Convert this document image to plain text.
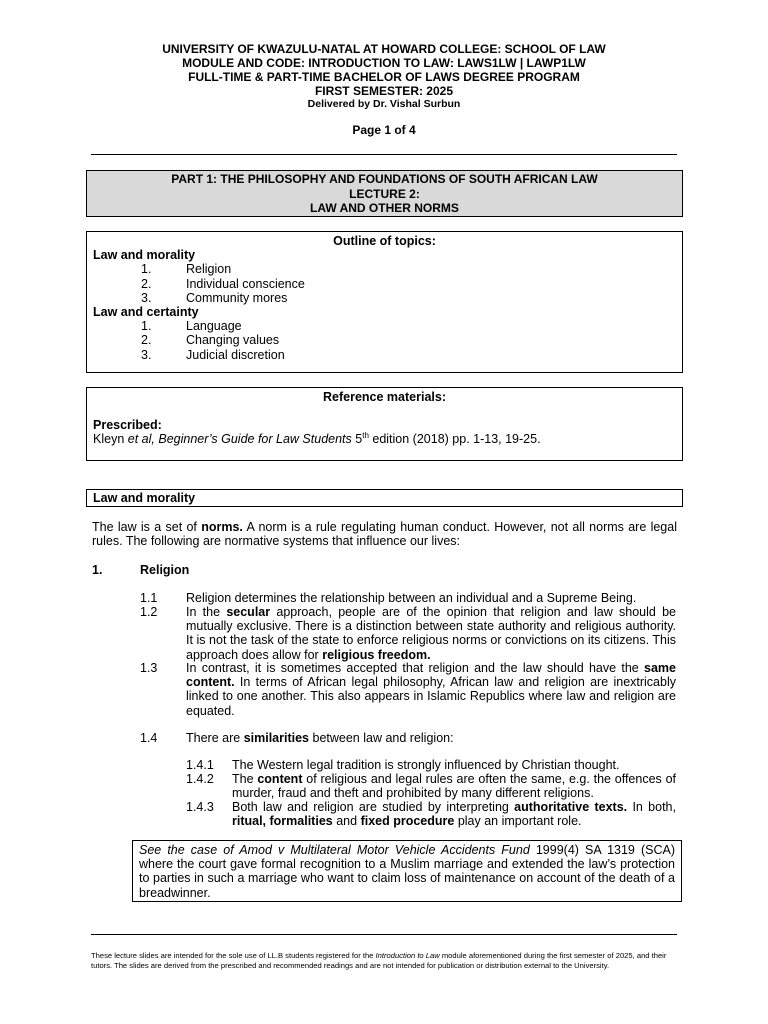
UNIVERSITY OF KWAZULU-NATAL AT HOWARD COLLEGE: SCHOOL OF LAW
MODULE AND CODE: INTRODUCTION TO LAW: LAWS1LW | LAWP1LW
FULL-TIME & PART-TIME BACHELOR OF LAWS DEGREE PROGRAM
FIRST SEMESTER: 2025
Delivered by Dr. Vishal Surbun
Page 1 of 4
PART 1: THE PHILOSOPHY AND FOUNDATIONS OF SOUTH AFRICAN LAW
LECTURE 2:
LAW AND OTHER NORMS
Outline of topics:
Law and morality
1.	Religion
2.	Individual conscience
3.	Community mores
Law and certainty
1.	Language
2.	Changing values
3.	Judicial discretion
Reference materials:
Prescribed:
Kleyn et al, Beginner’s Guide for Law Students 5th edition (2018) pp. 1-13, 19-25.
Law and morality
The law is a set of norms. A norm is a rule regulating human conduct. However, not all norms are legal rules. The following are normative systems that influence our lives:
1.	Religion
1.1 Religion determines the relationship between an individual and a Supreme Being.
1.2 In the secular approach, people are of the opinion that religion and law should be mutually exclusive. There is a distinction between state authority and religious authority. It is not the task of the state to enforce religious norms or convictions on its citizens. This approach does allow for religious freedom.
1.3 In contrast, it is sometimes accepted that religion and the law should have the same content. In terms of African legal philosophy, African law and religion are inextricably linked to one another. This also appears in Islamic Republics where law and religion are equated.
1.4 There are similarities between law and religion:
1.4.1 The Western legal tradition is strongly influenced by Christian thought.
1.4.2 The content of religious and legal rules are often the same, e.g. the offences of murder, fraud and theft and prohibited by many different religions.
1.4.3 Both law and religion are studied by interpreting authoritative texts. In both, ritual, formalities and fixed procedure play an important role.
See the case of Amod v Multilateral Motor Vehicle Accidents Fund 1999(4) SA 1319 (SCA) where the court gave formal recognition to a Muslim marriage and extended the law’s protection to parties in such a marriage who want to claim loss of maintenance on account of the death of a breadwinner.
These lecture slides are intended for the sole use of LL.B students registered for the Introduction to Law module aforementioned during the first semester of 2025, and their tutors. The slides are derived from the prescribed and recommended readings and are not intended for publication or distribution external to the University.
